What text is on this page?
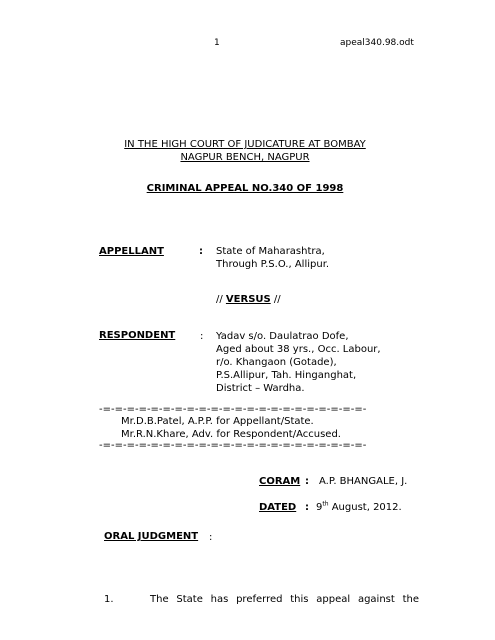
1	apeal340.98.odt
IN THE HIGH COURT OF JUDICATURE AT BOMBAY
NAGPUR BENCH, NAGPUR
CRIMINAL APPEAL NO.340 OF 1998
APPELLANT	: State of Maharashtra,
Through P.S.O., Allipur.
// VERSUS //
RESPONDENT : Yadav s/o. Daulatrao Dofe,
Aged about 38 yrs., Occ. Labour,
r/o. Khangaon (Gotade),
P.S.Allipur, Tah. Hinganghat,
District – Wardha.
-=-=-=-=-=-=-=-=-=-=-=-=-=-=-=-=-=-=-=-=-=-=-
Mr.D.B.Patel, A.P.P. for Appellant/State.
Mr.R.N.Khare, Adv. for Respondent/Accused.
-=-=-=-=-=-=-=-=-=-=-=-=-=-=-=-=-=-=-=-=-=-=-
CORAM : A.P. BHANGALE, J.
DATED : 9th August, 2012.
ORAL JUDGMENT :
1.	The State has preferred this appeal against the
